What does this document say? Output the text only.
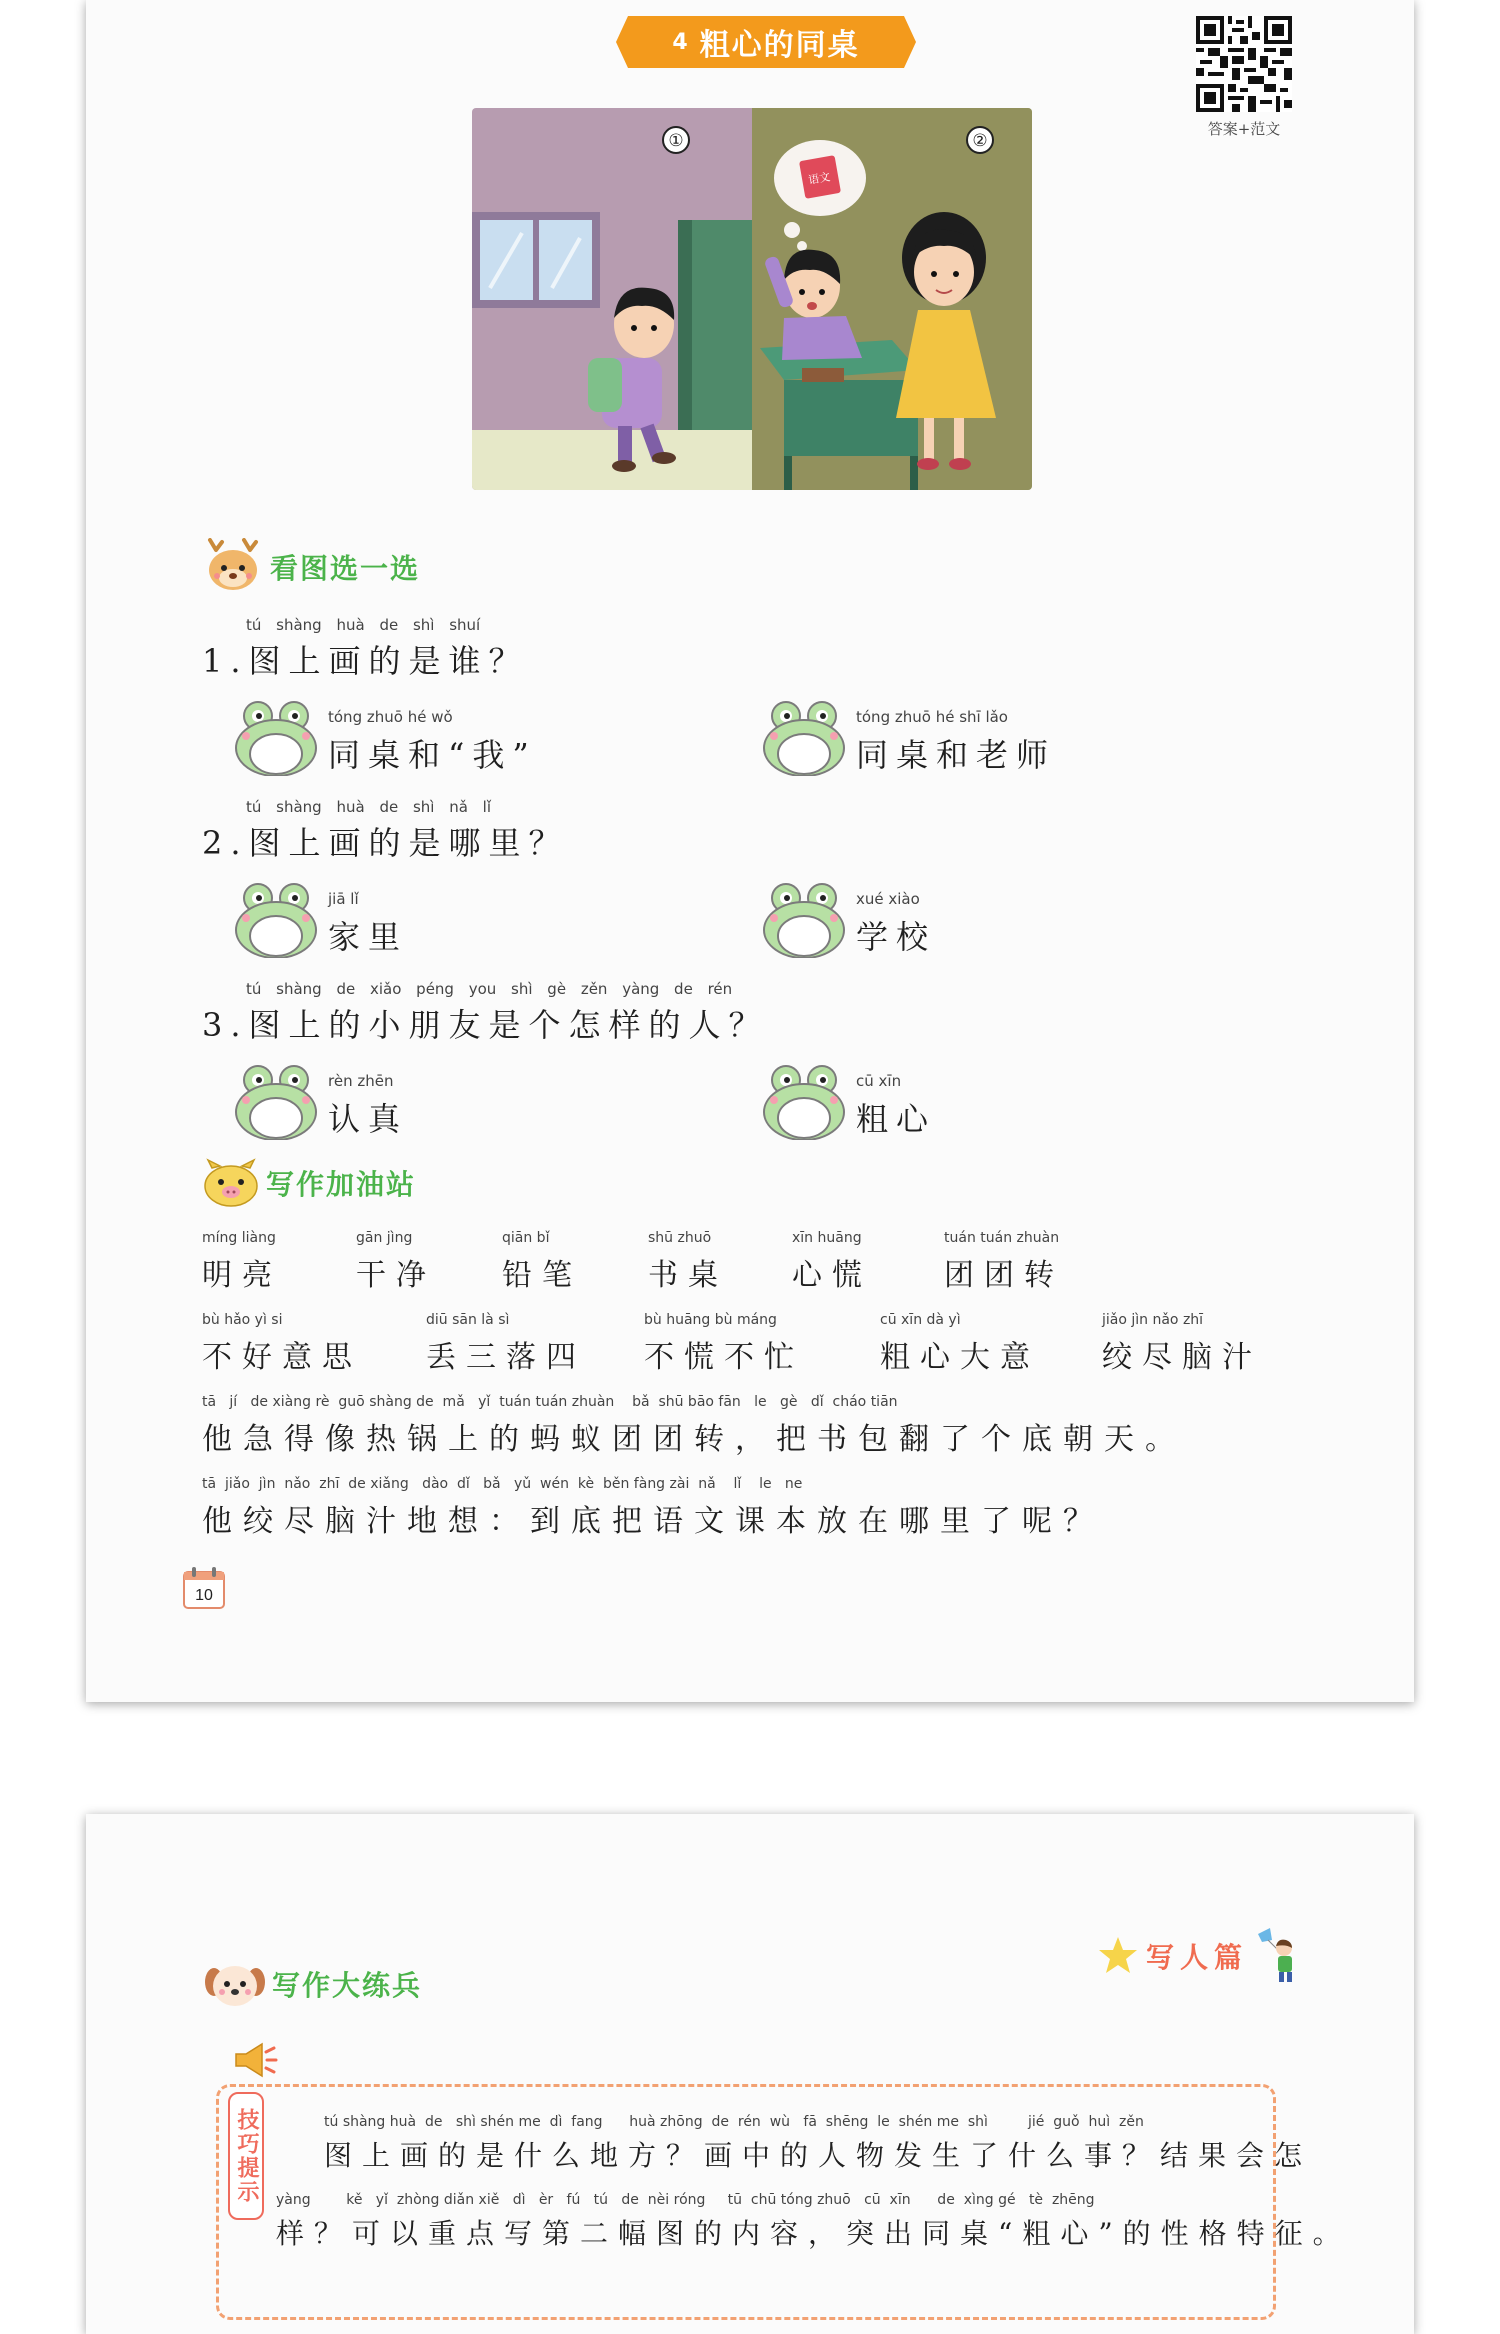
4 粗心的同桌
答案+范文
语文
①	②
看图选一选
tú shàng huà de shì shuí
1.图上画的是谁？
tóng zhuō hé wǒ
同桌和“我”
tóng zhuō hé shī lǎo
同桌和老师
tú shàng huà de shì nǎ lǐ
2.图上画的是哪里？
jiā lǐ
家里
xué xiào
学校
tú shàng de xiǎo péng you shì gè zěn yàng de rén
3.图上的小朋友是个怎样的人？
rèn zhēn
认真
cū xīn
粗心
写作加油站
míng liàng
明亮
gān jìng
干净
qiān bǐ
铅笔
shū zhuō
书桌
xīn huāng
心慌
tuán tuán zhuàn
团团转
bù hǎo yì si
不好意思
diū sān là sì
丢三落四
bù huāng bù máng
不慌不忙
cū xīn dà yì
粗心大意
jiǎo jìn nǎo zhī
绞尽脑汁
tā   jí   de xiàng rè  guō shàng de  mǎ   yǐ  tuán tuán zhuàn    bǎ  shū bāo fān   le   gè   dǐ  cháo tiān
他急得像热锅上的蚂蚁团团转，把书包翻了个底朝天。
tā  jiǎo  jìn  nǎo  zhī  de xiǎng   dào  dǐ   bǎ   yǔ  wén  kè  běn fàng zài  nǎ    lǐ    le   ne
他绞尽脑汁地想：到底把语文课本放在哪里了呢？
10
写人篇
写作大练兵
技巧提示	tú shàng huà  de   shì shén me  dì  fang      huà zhōng  de  rén  wù   fā  shēng  le  shén me  shì         jié  guǒ  huì  zěn
图上画的是什么地方？画中的人物发生了什么事？结果会怎
yàng        kě   yǐ  zhòng diǎn xiě   dì   èr   fú   tú   de  nèi róng     tū  chū tóng zhuō   cū  xīn      de  xìng gé   tè  zhēng
样？可以重点写第二幅图的内容，突出同桌“粗心”的性格特征。
